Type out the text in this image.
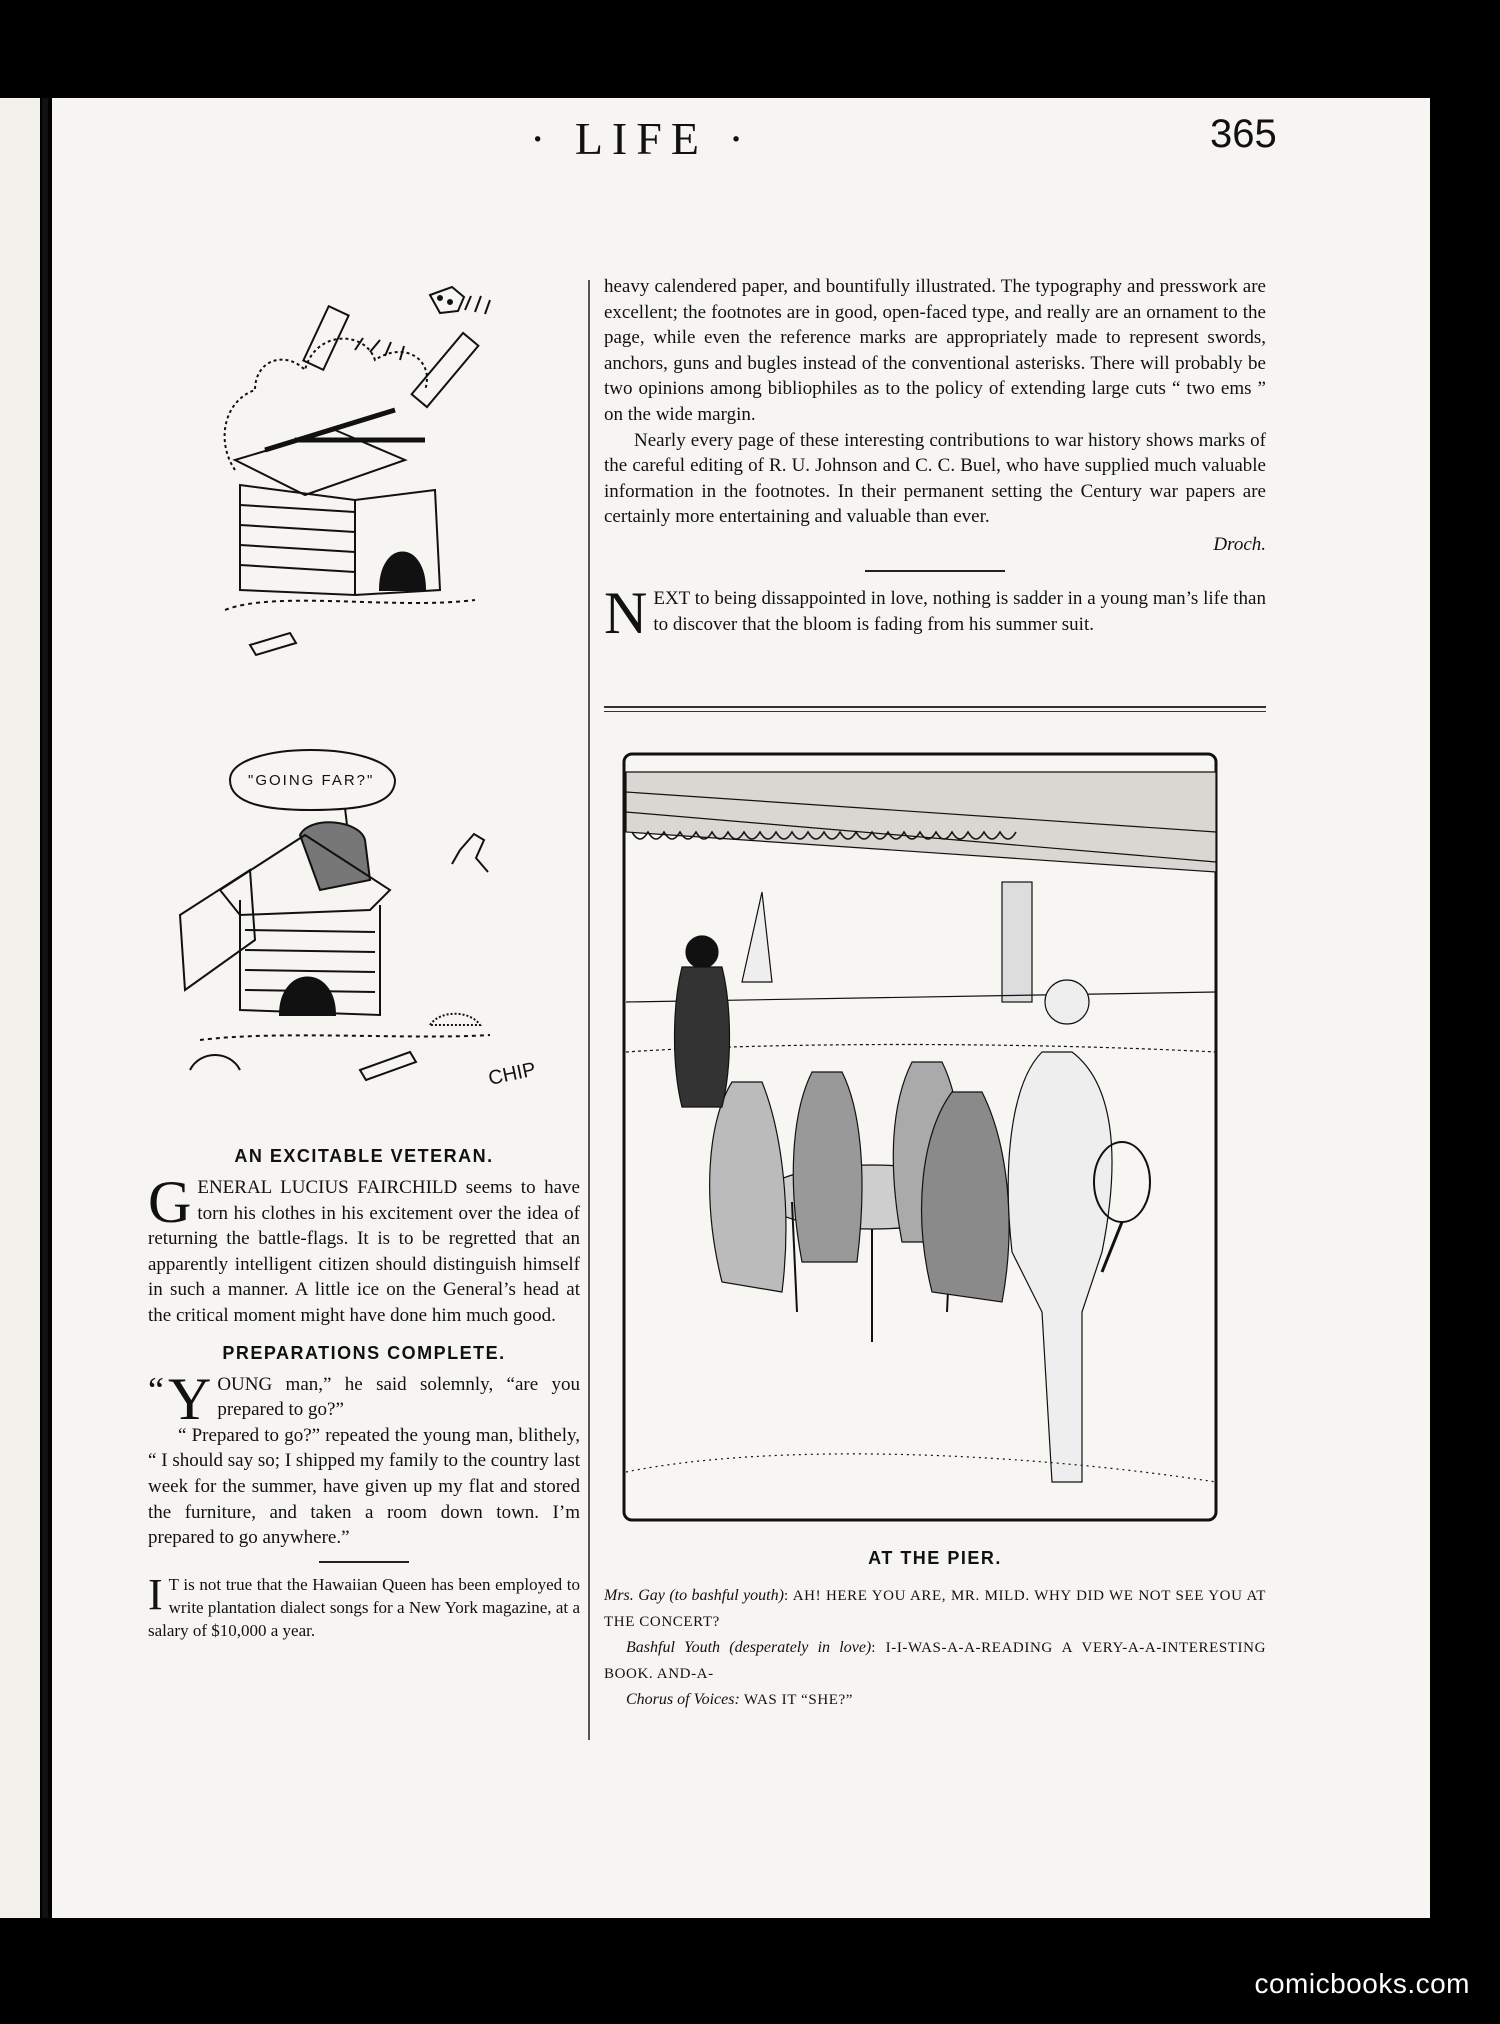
· LIFE ·	365
"GOING FAR?"
CHIP

heavy calendered paper, and bountifully illustrated. The typography and presswork are excellent; the footnotes are in good, open-faced type, and really are an ornament to the page, while even the reference marks are appropriately made to represent swords, anchors, guns and bugles instead of the conventional asterisks. There will probably be two opinions among bibliophiles as to the policy of extending large cuts “ two ems ” on the wide margin.

Nearly every page of these interesting contributions to war history shows marks of the careful editing of R. U. Johnson and C. C. Buel, who have supplied much valuable information in the footnotes. In their permanent setting the Century war papers are certainly more entertaining and valuable than ever.

Droch.

N EXT to being dissappointed in love, nothing is sadder in a young man’s life than to discover that the bloom is fading from his summer suit.

AT THE PIER.
Mrs. Gay (to bashful youth): AH! HERE YOU ARE, MR. MILD. WHY DID WE NOT SEE YOU AT THE CONCERT?
Bashful Youth (desperately in love): I-I-WAS-A-A-READING A VERY-A-A-INTERESTING BOOK. AND-A-
Chorus of Voices: WAS IT “SHE?”
AN EXCITABLE VETERAN.

G ENERAL LUCIUS FAIRCHILD seems to have torn his clothes in his excitement over the idea of returning the battle-flags. It is to be regretted that an apparently intelligent citizen should distinguish himself in such a manner. A little ice on the General’s head at the critical moment might have done him much good.

PREPARATIONS COMPLETE.

“ Y OUNG man,” he said solemnly, “are you prepared to go?”

“ Prepared to go?” repeated the young man, blithely, “ I should say so; I shipped my family to the country last week for the summer, have given up my flat and stored the furniture, and taken a room down town. I’m prepared to go anywhere.”

I T is not true that the Hawaiian Queen has been employed to write plantation dialect songs for a New York magazine, at a salary of $10,000 a year.

comicbooks.com
